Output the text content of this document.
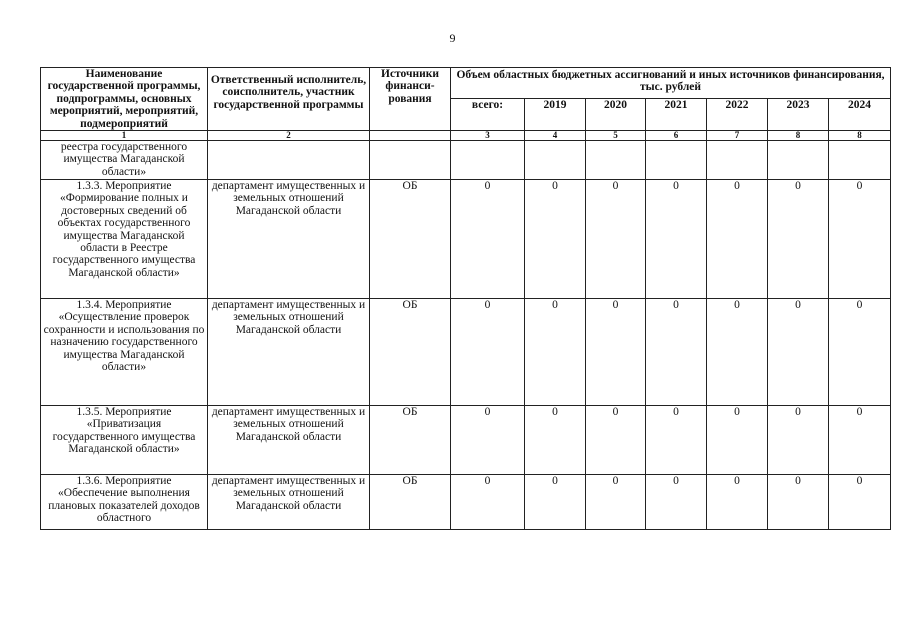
9
Наименование государственной программы, подпрограммы, основных мероприятий, мероприятий, подмероприятий	Ответственный исполнитель, соисполнитель, участник государственной программы	Источники финанси-рования	Объем областных бюджетных ассигнований и иных источников финансирования, тыс. рублей						
			всего:	2019	2020	2021	2022	2023	2024
1	2		3	4	5	6	7	8	8
реестра государственного имущества Магаданской области»									
1.3.3. Мероприятие «Формирование полных и достоверных сведений об объектах государственного имущества Магаданской области в Реестре государственного имущества Магаданской области»	департамент имущественных и земельных отношений Магаданской области	ОБ	0	0	0	0	0	0	0
1.3.4. Мероприятие «Осуществление проверок сохранности и использования по назначению государственного имущества Магаданской области»	департамент имущественных и земельных отношений Магаданской области	ОБ	0	0	0	0	0	0	0
1.3.5. Мероприятие «Приватизация государственного имущества Магаданской области»	департамент имущественных и земельных отношений Магаданской области	ОБ	0	0	0	0	0	0	0
1.3.6. Мероприятие «Обеспечение выполнения плановых показателей доходов областного	департамент имущественных и земельных отношений Магаданской области	ОБ	0	0	0	0	0	0	0
